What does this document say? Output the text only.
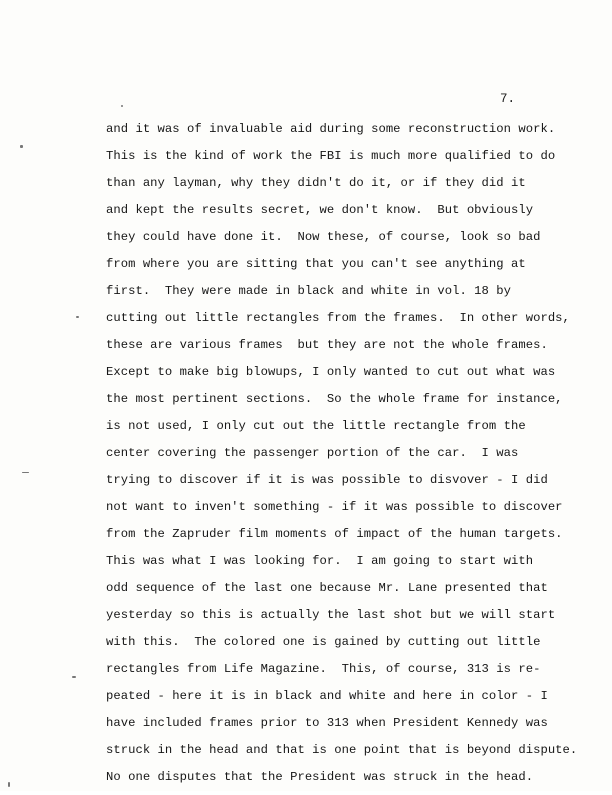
7.
and it was of invaluable aid during some reconstruction work.
This is the kind of work the FBI is much more qualified to do
than any layman, why they didn't do it, or if they did it
and kept the results secret, we don't know.  But obviously
they could have done it.  Now these, of course, look so bad
from where you are sitting that you can't see anything at
first.  They were made in black and white in vol. 18 by
cutting out little rectangles from the frames.  In other words,
these are various frames  but they are not the whole frames.
Except to make big blowups, I only wanted to cut out what was
the most pertinent sections.  So the whole frame for instance,
is not used, I only cut out the little rectangle from the
center covering the passenger portion of the car.  I was
trying to discover if it is was possible to disvover - I did
not want to inven't something - if it was possible to discover
from the Zapruder film moments of impact of the human targets.
This was what I was looking for.  I am going to start with
odd sequence of the last one because Mr. Lane presented that
yesterday so this is actually the last shot but we will start
with this.  The colored one is gained by cutting out little
rectangles from Life Magazine.  This, of course, 313 is re-
peated - here it is in black and white and here in color - I
have included frames prior to 313 when President Kennedy was
struck in the head and that is one point that is beyond dispute.
No one disputes that the President was struck in the head.
